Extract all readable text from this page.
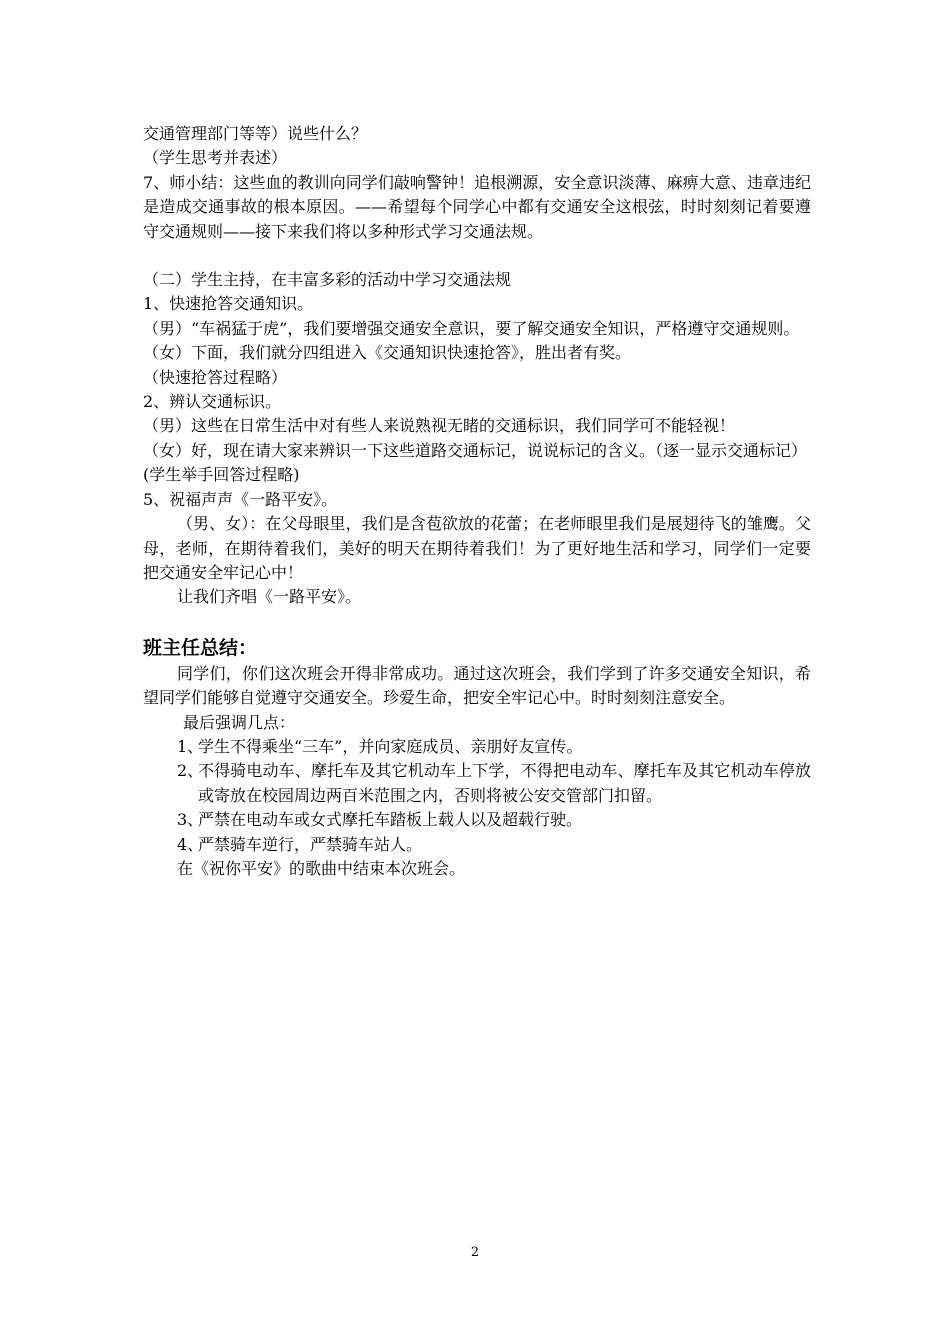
交通管理部门等等）说些什么？

（学生思考并表述）

7、师小结：这些血的教训向同学们敲响警钟！追根溯源，安全意识淡薄、麻痹大意、违章违纪是造成交通事故的根本原因。——希望每个同学心中都有交通安全这根弦，时时刻刻记着要遵守交通规则——接下来我们将以多种形式学习交通法规。

（二）学生主持，在丰富多彩的活动中学习交通法规

1、快速抢答交通知识。

（男）“车祸猛于虎”，我们要增强交通安全意识，要了解交通安全知识，严格遵守交通规则。

（女）下面，我们就分四组进入《交通知识快速抢答》，胜出者有奖。

（快速抢答过程略）

2、辨认交通标识。

（男）这些在日常生活中对有些人来说熟视无睹的交通标识，我们同学可不能轻视！

（女）好，现在请大家来辨识一下这些道路交通标记，说说标记的含义。（逐一显示交通标记）

(学生举手回答过程略)

5、祝福声声《一路平安》。

（男、女）：在父母眼里，我们是含苞欲放的花蕾；在老师眼里我们是展翅待飞的雏鹰。父母，老师，在期待着我们，美好的明天在期待着我们！为了更好地生活和学习，同学们一定要把交通安全牢记心中！

让我们齐唱《一路平安》。

班主任总结：

同学们，你们这次班会开得非常成功。通过这次班会，我们学到了许多交通安全知识，希望同学们能够自觉遵守交通安全。珍爱生命，把安全牢记心中。时时刻刻注意安全。

最后强调几点：

1、
学生不得乘坐“三车”，并向家庭成员、亲朋好友宣传。
2、
不得骑电动车、摩托车及其它机动车上下学，不得把电动车、摩托车及其它机动车停放或寄放在校园周边两百米范围之内，否则将被公安交管部门扣留。
3、
严禁在电动车或女式摩托车踏板上载人以及超载行驶。
4、
严禁骑车逆行，严禁骑车站人。

在《祝你平安》的歌曲中结束本次班会。

2
